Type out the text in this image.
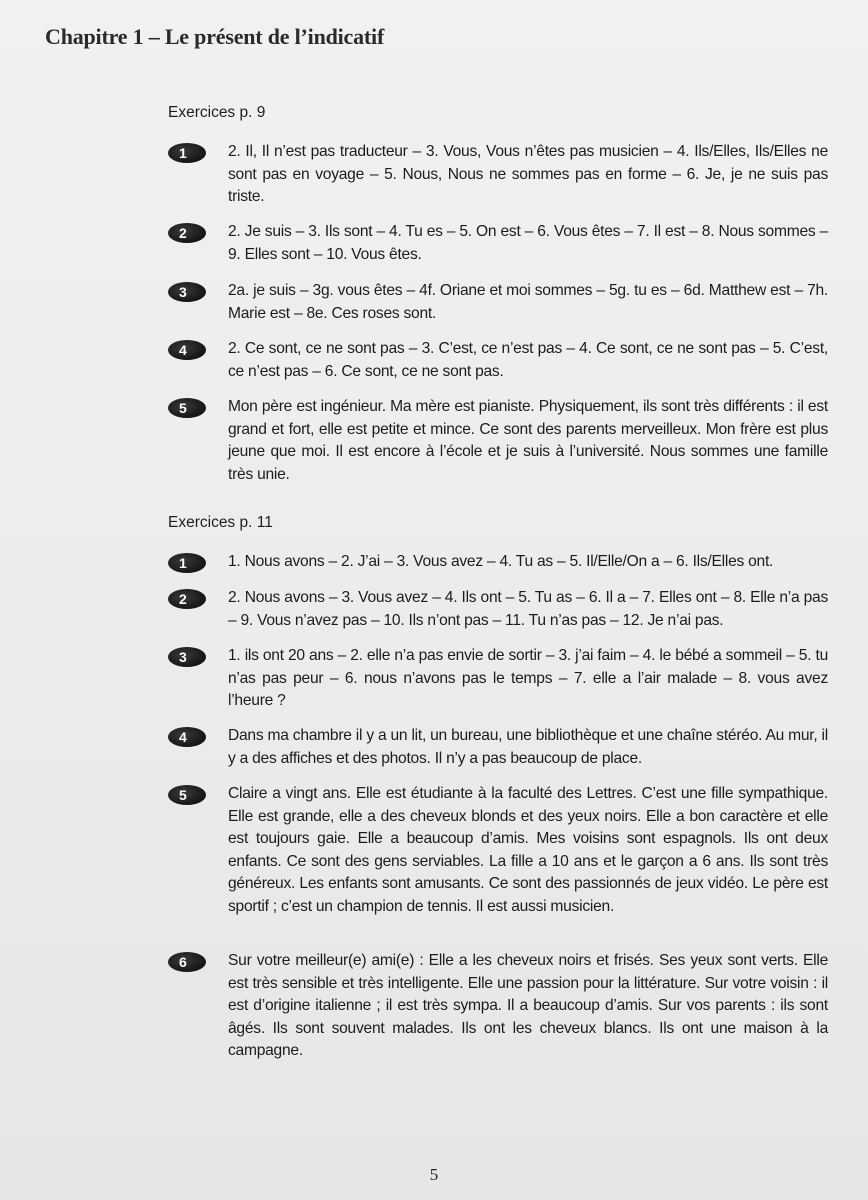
Chapitre 1 – Le présent de l’indicatif
Exercices p. 9
1	2. Il, Il n’est pas traducteur – 3. Vous, Vous n’êtes pas musicien – 4. Ils/Elles, Ils/Elles ne sont pas en voyage – 5. Nous, Nous ne sommes pas en forme – 6. Je, je ne suis pas triste.
2	2. Je suis – 3. Ils sont – 4. Tu es – 5. On est – 6. Vous êtes – 7. Il est – 8. Nous sommes – 9. Elles sont – 10. Vous êtes.
3	2a. je suis – 3g. vous êtes – 4f. Oriane et moi sommes – 5g. tu es – 6d. Matthew est – 7h. Marie est – 8e. Ces roses sont.
4	2. Ce sont, ce ne sont pas – 3. C’est, ce n’est pas – 4. Ce sont, ce ne sont pas – 5. C’est, ce n’est pas – 6. Ce sont, ce ne sont pas.
5	Mon père est ingénieur. Ma mère est pianiste. Physiquement, ils sont très différents : il est grand et fort, elle est petite et mince. Ce sont des parents merveilleux. Mon frère est plus jeune que moi. Il est encore à l’école et je suis à l’université. Nous sommes une famille très unie.
Exercices p. 11
1	1. Nous avons – 2. J’ai – 3. Vous avez – 4. Tu as – 5. Il/Elle/On a – 6. Ils/Elles ont.
2	2. Nous avons – 3. Vous avez – 4. Ils ont – 5. Tu as – 6. Il a – 7. Elles ont – 8. Elle n’a pas – 9. Vous n’avez pas – 10. Ils n’ont pas – 11. Tu n’as pas – 12. Je n’ai pas.
3	1. ils ont 20 ans – 2. elle n’a pas envie de sortir – 3. j’ai faim – 4. le bébé a sommeil – 5. tu n’as pas peur – 6. nous n’avons pas le temps – 7. elle a l’air malade – 8. vous avez l’heure ?
4	Dans ma chambre il y a un lit, un bureau, une bibliothèque et une chaîne stéréo. Au mur, il y a des affiches et des photos. Il n’y a pas beaucoup de place.
5	Claire a vingt ans. Elle est étudiante à la faculté des Lettres. C’est une fille sympathique. Elle est grande, elle a des cheveux blonds et des yeux noirs. Elle a bon caractère et elle est toujours gaie. Elle a beaucoup d’amis. Mes voisins sont espagnols. Ils ont deux enfants. Ce sont des gens serviables. La fille a 10 ans et le garçon a 6 ans. Ils sont très généreux. Les enfants sont amusants. Ce sont des passionnés de jeux vidéo. Le père est sportif ; c’est un champion de tennis. Il est aussi musicien.
6	Sur votre meilleur(e) ami(e) : Elle a les cheveux noirs et frisés. Ses yeux sont verts. Elle est très sensible et très intelligente. Elle une passion pour la littérature. Sur votre voisin : il est d’origine italienne ; il est très sympa. Il a beaucoup d’amis. Sur vos parents : ils sont âgés. Ils sont souvent malades. Ils ont les cheveux blancs. Ils ont une maison à la campagne.
5
